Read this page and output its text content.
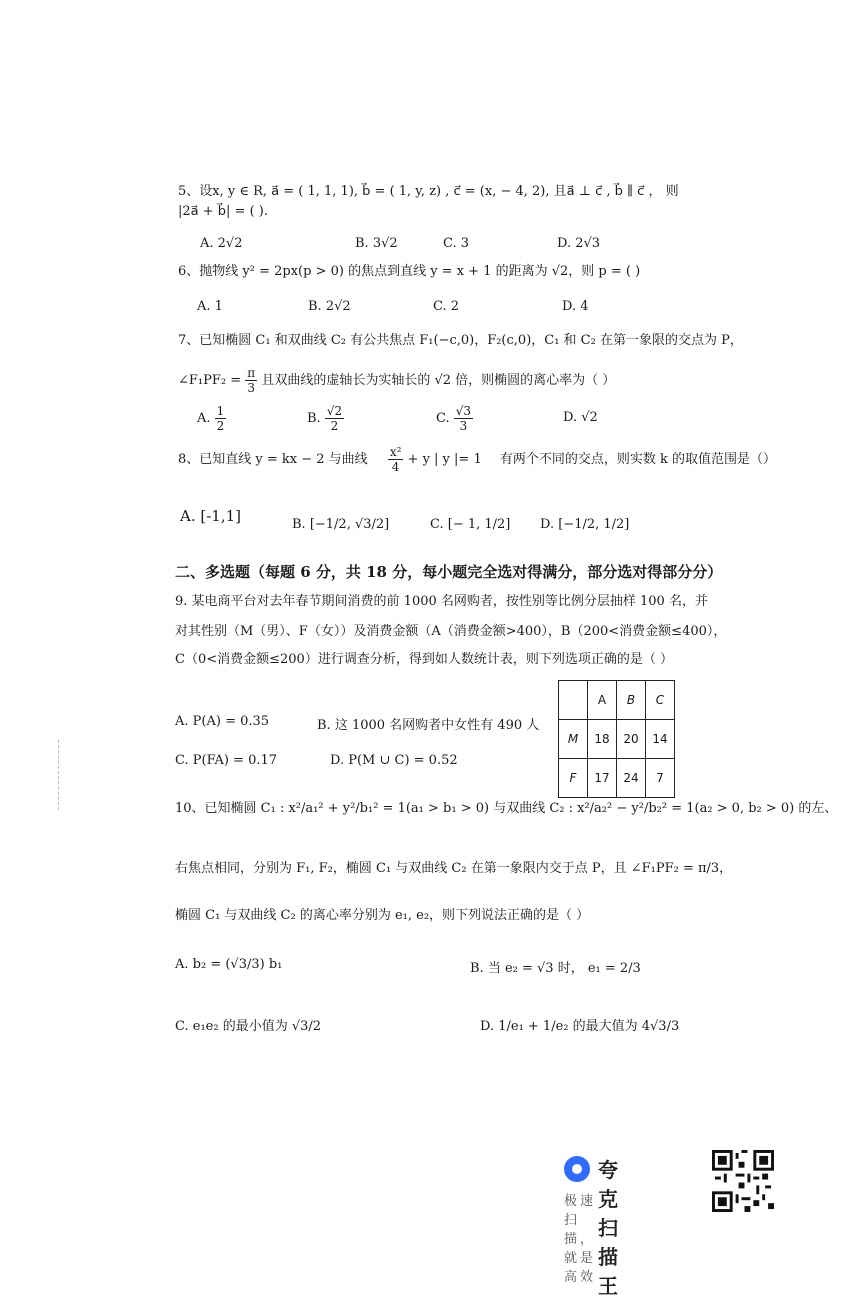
5、设x, y ∈ R, a⃗ = ( 1, 1, 1), b⃗ = ( 1, y, z) , c⃗ = (x, − 4, 2), 且a⃗ ⊥ c⃗ , b⃗ ∥ c⃗ ， 则
|2a⃗ + b⃗| = ( ).
A. 2√2	B. 3√2	C. 3	D. 2√3
6、抛物线 y² = 2px(p > 0) 的焦点到直线 y = x + 1 的距离为 √2，则 p = ( )
A. 1	B. 2√2	C. 2	D. 4
7、已知椭圆 C₁ 和双曲线 C₂ 有公共焦点 F₁(−c,0)，F₂(c,0)，C₁ 和 C₂ 在第一象限的交点为 P，
∠F₁PF₂ = $\frac{\pi}{3}$ 且双曲线的虚轴长为实轴长的 √2 倍，则椭圆的离心率为（ ）
A. $\frac{1}{2}$	B. $\frac{√2}{2}$	C. $\frac{√3}{3}$	D. √2
8、已知直线 y = kx − 2 与曲线 $\frac{\text{x²}}{4} + y$ | y |= 1 有两个不同的交点，则实数 k 的取值范围是（）
A. [-1,1]	B. [−1/2, √3/2]	C. [− 1, 1/2] D. [−1/2, 1/2]
二、多选题（每题 6 分，共 18 分，每小题完全选对得满分，部分选对得部分分）
9. 某电商平台对去年春节期间消费的前 1000 名网购者，按性别等比例分层抽样 100 名，并
对其性别（M（男）、F（女））及消费金额（A（消费金额>400），B（200<消费金额≤400），
C（0<消费金额≤200）进行调查分析，得到如人数统计表，则下列选项正确的是（ ）
A. P(A) = 0.35	B. 这 1000 名网购者中女性有 490 人
C. P(FA) = 0.17	D. P(M ∪ C) = 0.52
	A	B	C
M	18	20	14
F	17	24	7
10、已知椭圆 C₁ : x²/a₁² + y²/b₁² = 1(a₁ > b₁ > 0) 与双曲线 C₂ : x²/a₂² − y²/b₂² = 1(a₂ > 0, b₂ > 0) 的左、
右焦点相同，分别为 F₁, F₂，椭圆 C₁ 与双曲线 C₂ 在第一象限内交于点 P，且 ∠F₁PF₂ = π/3，
椭圆 C₁ 与双曲线 C₂ 的离心率分别为 e₁, e₂，则下列说法正确的是（ ）
A. b₂ = (√3/3) b₁	B. 当 e₂ = √3 时， e₁ = 2/3
C. e₁e₂ 的最小值为 √3/2	D. 1/e₁ + 1/e₂ 的最大值为 4√3/3
夸克扫描王
极速扫描，就是高效
